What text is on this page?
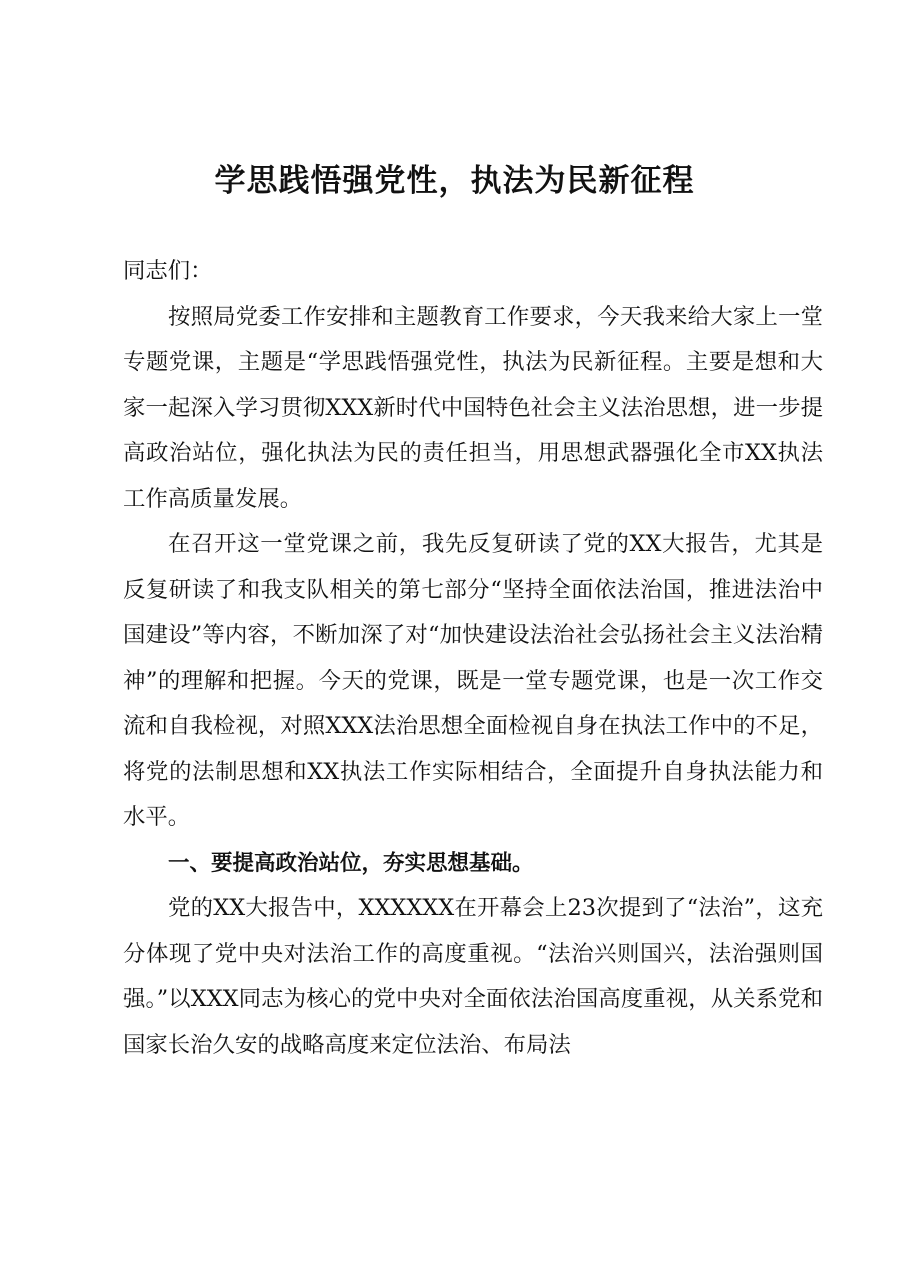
学思践悟强党性，执法为民新征程

同志们：

按照局党委工作安排和主题教育工作要求，今天我来给大家上一堂专题党课，主题是“学思践悟强党性，执法为民新征程。主要是想和大家一起深入学习贯彻XXX新时代中国特色社会主义法治思想，进一步提高政治站位，强化执法为民的责任担当，用思想武器强化全市XX执法工作高质量发展。

在召开这一堂党课之前，我先反复研读了党的XX大报告，尤其是反复研读了和我支队相关的第七部分“坚持全面依法治国，推进法治中国建设”等内容，不断加深了对“加快建设法治社会弘扬社会主义法治精神”的理解和把握。今天的党课，既是一堂专题党课，也是一次工作交流和自我检视，对照XXX法治思想全面检视自身在执法工作中的不足，将党的法制思想和XX执法工作实际相结合，全面提升自身执法能力和水平。

一、要提高政治站位，夯实思想基础。

党的XX大报告中，XXXXXX在开幕会上23次提到了“法治”，这充分体现了党中央对法治工作的高度重视。“法治兴则国兴，法治强则国强。”以XXX同志为核心的党中央对全面依法治国高度重视，从关系党和国家长治久安的战略高度来定位法治、布局法
